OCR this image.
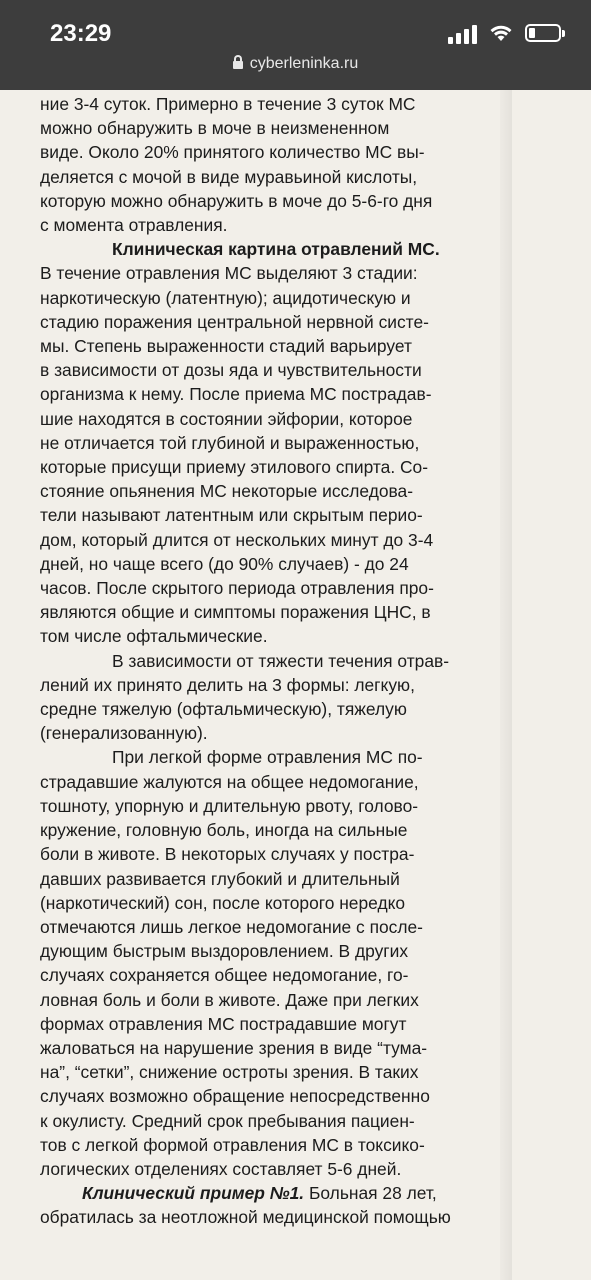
23:29
cyberleninka.ru
ние 3-4 суток. Примерно в течение 3 суток МС

можно обнаружить в моче в неизмененном
виде. Около 20% принятого количество МС вы-
деляется с мочой в виде муравьиной кислоты,
которую можно обнаружить в моче до 5-6-го дня
с момента отравления.

Клиническая картина отравлений МС.
В течение отравления МС выделяют 3 стадии:
наркотическую (латентную); ацидотическую и
стадию поражения центральной нервной систе-
мы. Степень выраженности стадий варьирует
в зависимости от дозы яда и чувствительности
организма к нему. После приема МС пострадав-
шие находятся в состоянии эйфории, которое
не отличается той глубиной и выраженностью,
которые присущи приему этилового спирта. Со-
стояние опьянения МС некоторые исследова-
тели называют латентным или скрытым перио-
дом, который длится от нескольких минут до 3-4
дней, но чаще всего (до 90% случаев) - до 24
часов. После скрытого периода отравления про-
являются общие и симптомы поражения ЦНС, в
том числе офтальмические.
В зависимости от тяжести течения отрав-
лений их принято делить на 3 формы: легкую,
средне тяжелую (офтальмическую), тяжелую
(генерализованную).
При легкой форме отравления МС по-
страдавшие жалуются на общее недомогание,
тошноту, упорную и длительную рвоту, голово-
кружение, головную боль, иногда на сильные
боли в животе. В некоторых случаях у постра-
давших развивается глубокий и длительный
(наркотический) сон, после которого нередко
отмечаются лишь легкое недомогание с после-
дующим быстрым выздоровлением. В других
случаях сохраняется общее недомогание, го-
ловная боль и боли в животе. Даже при легких
формах отравления МС пострадавшие могут
жаловаться на нарушение зрения в виде “тума-
на”, “сетки”, снижение остроты зрения. В таких
случаях возможно обращение непосредственно
к окулисту. Средний срок пребывания пациен-
тов с легкой формой отравления МС в токсико-
логических отделениях составляет 5-6 дней.
Клинический пример №1. Больная 28 лет,
обратилась за неотложной медицинской помощью
